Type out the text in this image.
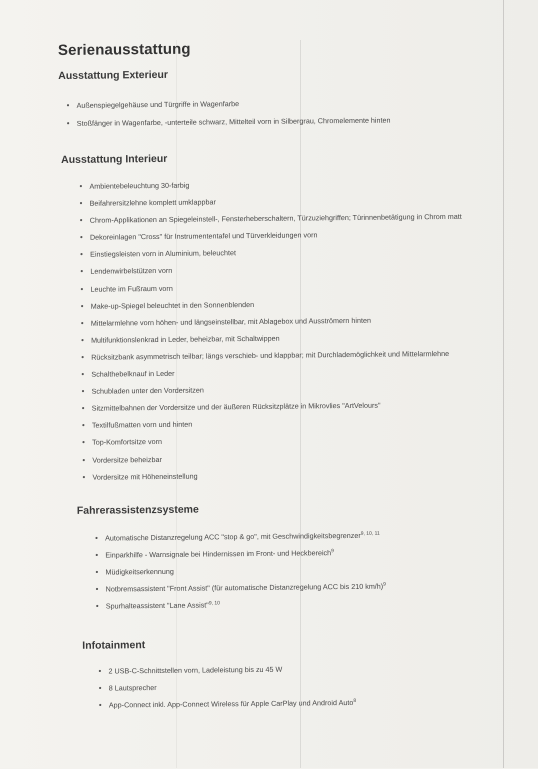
Serienausstattung
Ausstattung Exterieur
• Außenspiegelgehäuse und Türgriffe in Wagenfarbe
• Stoßfänger in Wagenfarbe, -unterteile schwarz, Mittelteil vorn in Silbergrau, Chromelemente hinten
Ausstattung Interieur
• Ambientebeleuchtung 30-farbig
• Beifahrersitzlehne komplett umklappbar
• Chrom-Applikationen an Spiegeleinstell-, Fensterheberschaltern, Türzuziehgriffen; Türinnenbetätigung in Chrom matt
• Dekoreinlagen "Cross" für Instrumententafel und Türverkleidungen vorn
• Einstiegsleisten vorn in Aluminium, beleuchtet
• Lendenwirbelstützen vorn
• Leuchte im Fußraum vorn
• Make-up-Spiegel beleuchtet in den Sonnenblenden
• Mittelarmlehne vorn höhen- und längseinstellbar, mit Ablagebox und Ausströmern hinten
• Multifunktionslenkrad in Leder, beheizbar, mit Schaltwippen
• Rücksitzbank asymmetrisch teilbar; längs verschieb- und klappbar; mit Durchlademöglichkeit und Mittelarmlehne
• Schalthebelknauf in Leder
• Schubladen unter den Vordersitzen
• Sitzmittelbahnen der Vordersitze und der äußeren Rücksitzplätze in Mikrovlies "ArtVelours"
• Textilfußmatten vorn und hinten
• Top-Komfortsitze vorn
• Vordersitze beheizbar
• Vordersitze mit Höheneinstellung
Fahrerassistenzsysteme
• Automatische Distanzregelung ACC "stop & go", mit Geschwindigkeitsbegrenzer$^{9, 10, 11}$
• Einparkhilfe - Warnsignale bei Hindernissen im Front- und Heckbereich$^9$
• Müdigkeitserkennung
• Notbremsassistent "Front Assist" (für automatische Distanzregelung ACC bis 210 km/h)$^9$
• Spurhalteassistent "Lane Assist"$^{9, 10}$
Infotainment
• 2 USB-C-Schnittstellen vorn, Ladeleistung bis zu 45 W
• 8 Lautsprecher
• App-Connect inkl. App-Connect Wireless für Apple CarPlay und Android Auto$^8$
